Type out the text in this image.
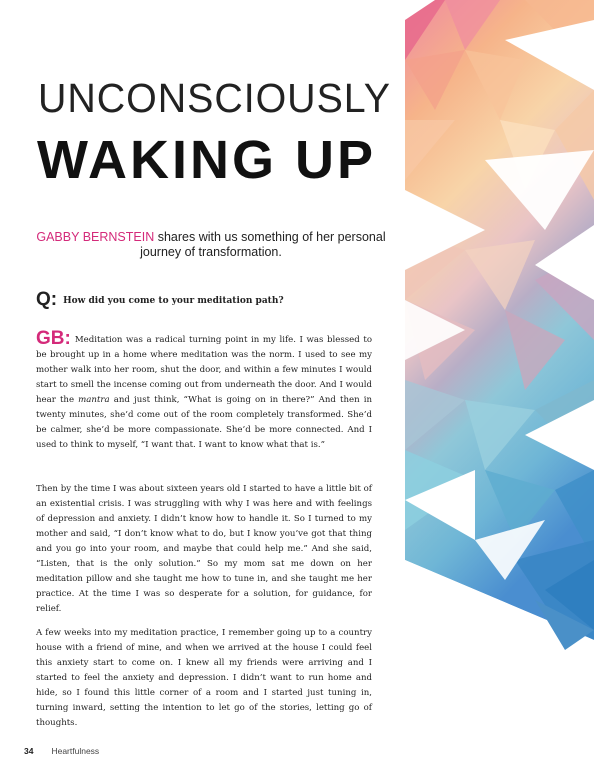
UNCONSCIOUSLY
WAKING UP
GABBY BERNSTEIN shares with us something of her personal journey of transformation.
Q: How did you come to your meditation path?
GB: Meditation was a radical turning point in my life. I was blessed to be brought up in a home where meditation was the norm. I used to see my mother walk into her room, shut the door, and within a few minutes I would start to smell the incense coming out from underneath the door. And I would hear the mantra and just think, “What is going on in there?” And then in twenty minutes, she’d come out of the room completely transformed. She’d be calmer, she’d be more compassionate. She’d be more connected. And I used to think to myself, “I want that. I want to know what that is.”
Then by the time I was about sixteen years old I started to have a little bit of an existential crisis. I was struggling with why I was here and with feelings of depression and anxiety. I didn’t know how to handle it. So I turned to my mother and said, “I don’t know what to do, but I know you’ve got that thing and you go into your room, and maybe that could help me.” And she said, “Listen, that is the only solution.” So my mom sat me down on her meditation pillow and she taught me how to tune in, and she taught me her practice. At the time I was so desperate for a solution, for guidance, for relief.
A few weeks into my meditation practice, I remember going up to a country house with a friend of mine, and when we arrived at the house I could feel this anxiety start to come on. I knew all my friends were arriving and I started to feel the anxiety and depression. I didn’t want to run home and hide, so I found this little corner of a room and I started just tuning in, turning inward, setting the intention to let go of the stories, letting go of thoughts.
34 Heartfulness
